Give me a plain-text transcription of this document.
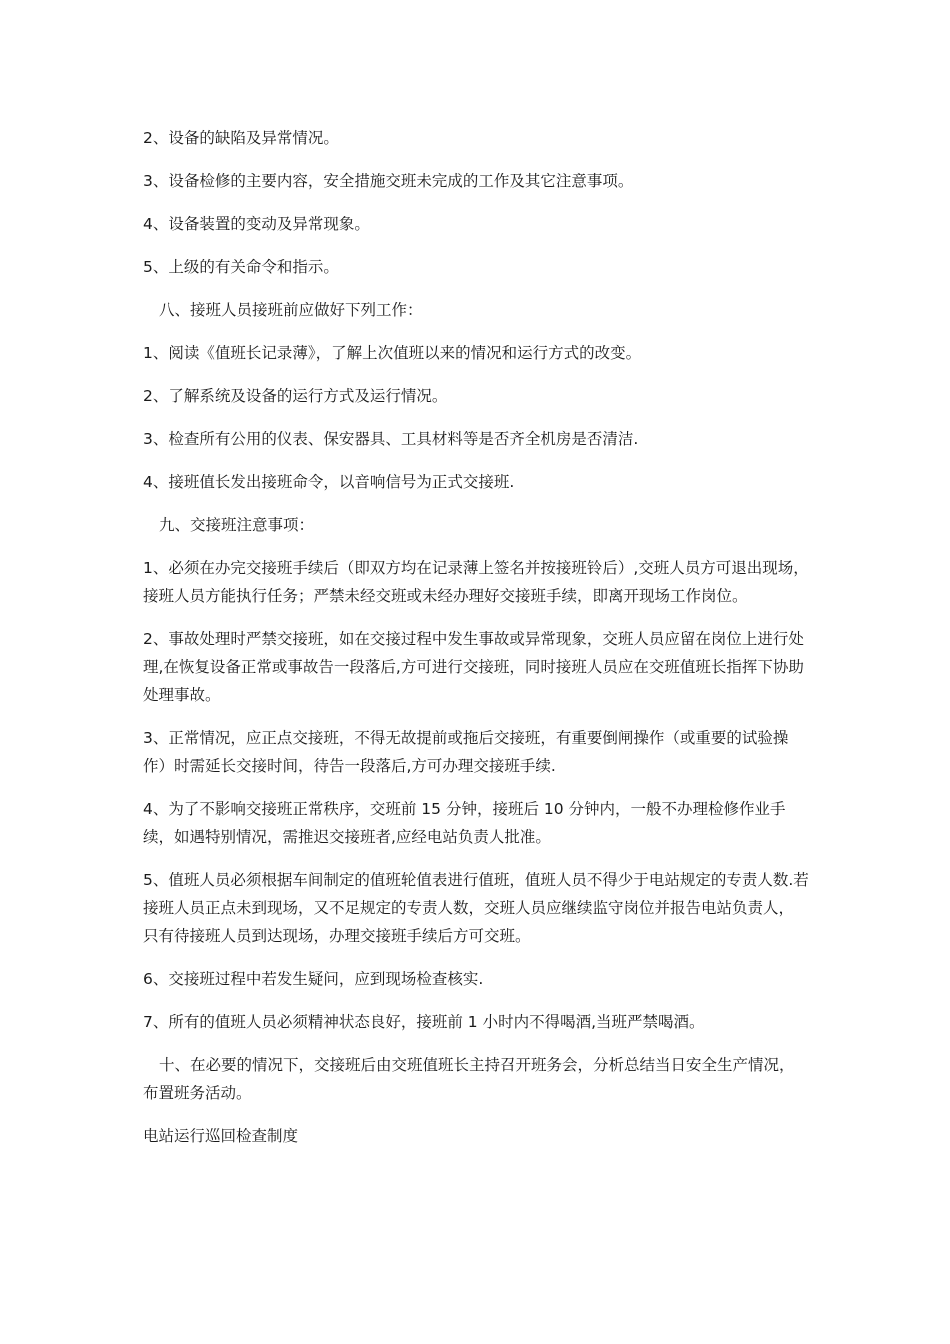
2、设备的缺陷及异常情况。

3、设备检修的主要内容，安全措施交班未完成的工作及其它注意事项。

4、设备装置的变动及异常现象。

5、上级的有关命令和指示。

八、接班人员接班前应做好下列工作：

1、阅读《值班长记录薄》，了解上次值班以来的情况和运行方式的改变。

2、了解系统及设备的运行方式及运行情况。

3、检查所有公用的仪表、保安器具、工具材料等是否齐全机房是否清洁.

4、接班值长发出接班命令，以音响信号为正式交接班.

九、交接班注意事项：

1、必须在办完交接班手续后（即双方均在记录薄上签名并按接班铃后）,交班人员方可退出现场，接班人员方能执行任务；严禁未经交班或未经办理好交接班手续，即离开现场工作岗位。

2、事故处理时严禁交接班，如在交接过程中发生事故或异常现象，交班人员应留在岗位上进行处理,在恢复设备正常或事故告一段落后,方可进行交接班，同时接班人员应在交班值班长指挥下协助处理事故。

3、正常情况，应正点交接班，不得无故提前或拖后交接班，有重要倒闸操作（或重要的试验操作）时需延长交接时间，待告一段落后,方可办理交接班手续.

4、为了不影响交接班正常秩序，交班前 15 分钟，接班后 10 分钟内，一般不办理检修作业手续，如遇特别情况，需推迟交接班者,应经电站负责人批准。

5、值班人员必须根据车间制定的值班轮值表进行值班，值班人员不得少于电站规定的专责人数.若接班人员正点未到现场，又不足规定的专责人数，交班人员应继续监守岗位并报告电站负责人，只有待接班人员到达现场，办理交接班手续后方可交班。

6、交接班过程中若发生疑问，应到现场检查核实.

7、所有的值班人员必须精神状态良好，接班前 1 小时内不得喝酒,当班严禁喝酒。

十、在必要的情况下，交接班后由交班值班长主持召开班务会，分析总结当日安全生产情况，布置班务活动。

电站运行巡回检查制度
